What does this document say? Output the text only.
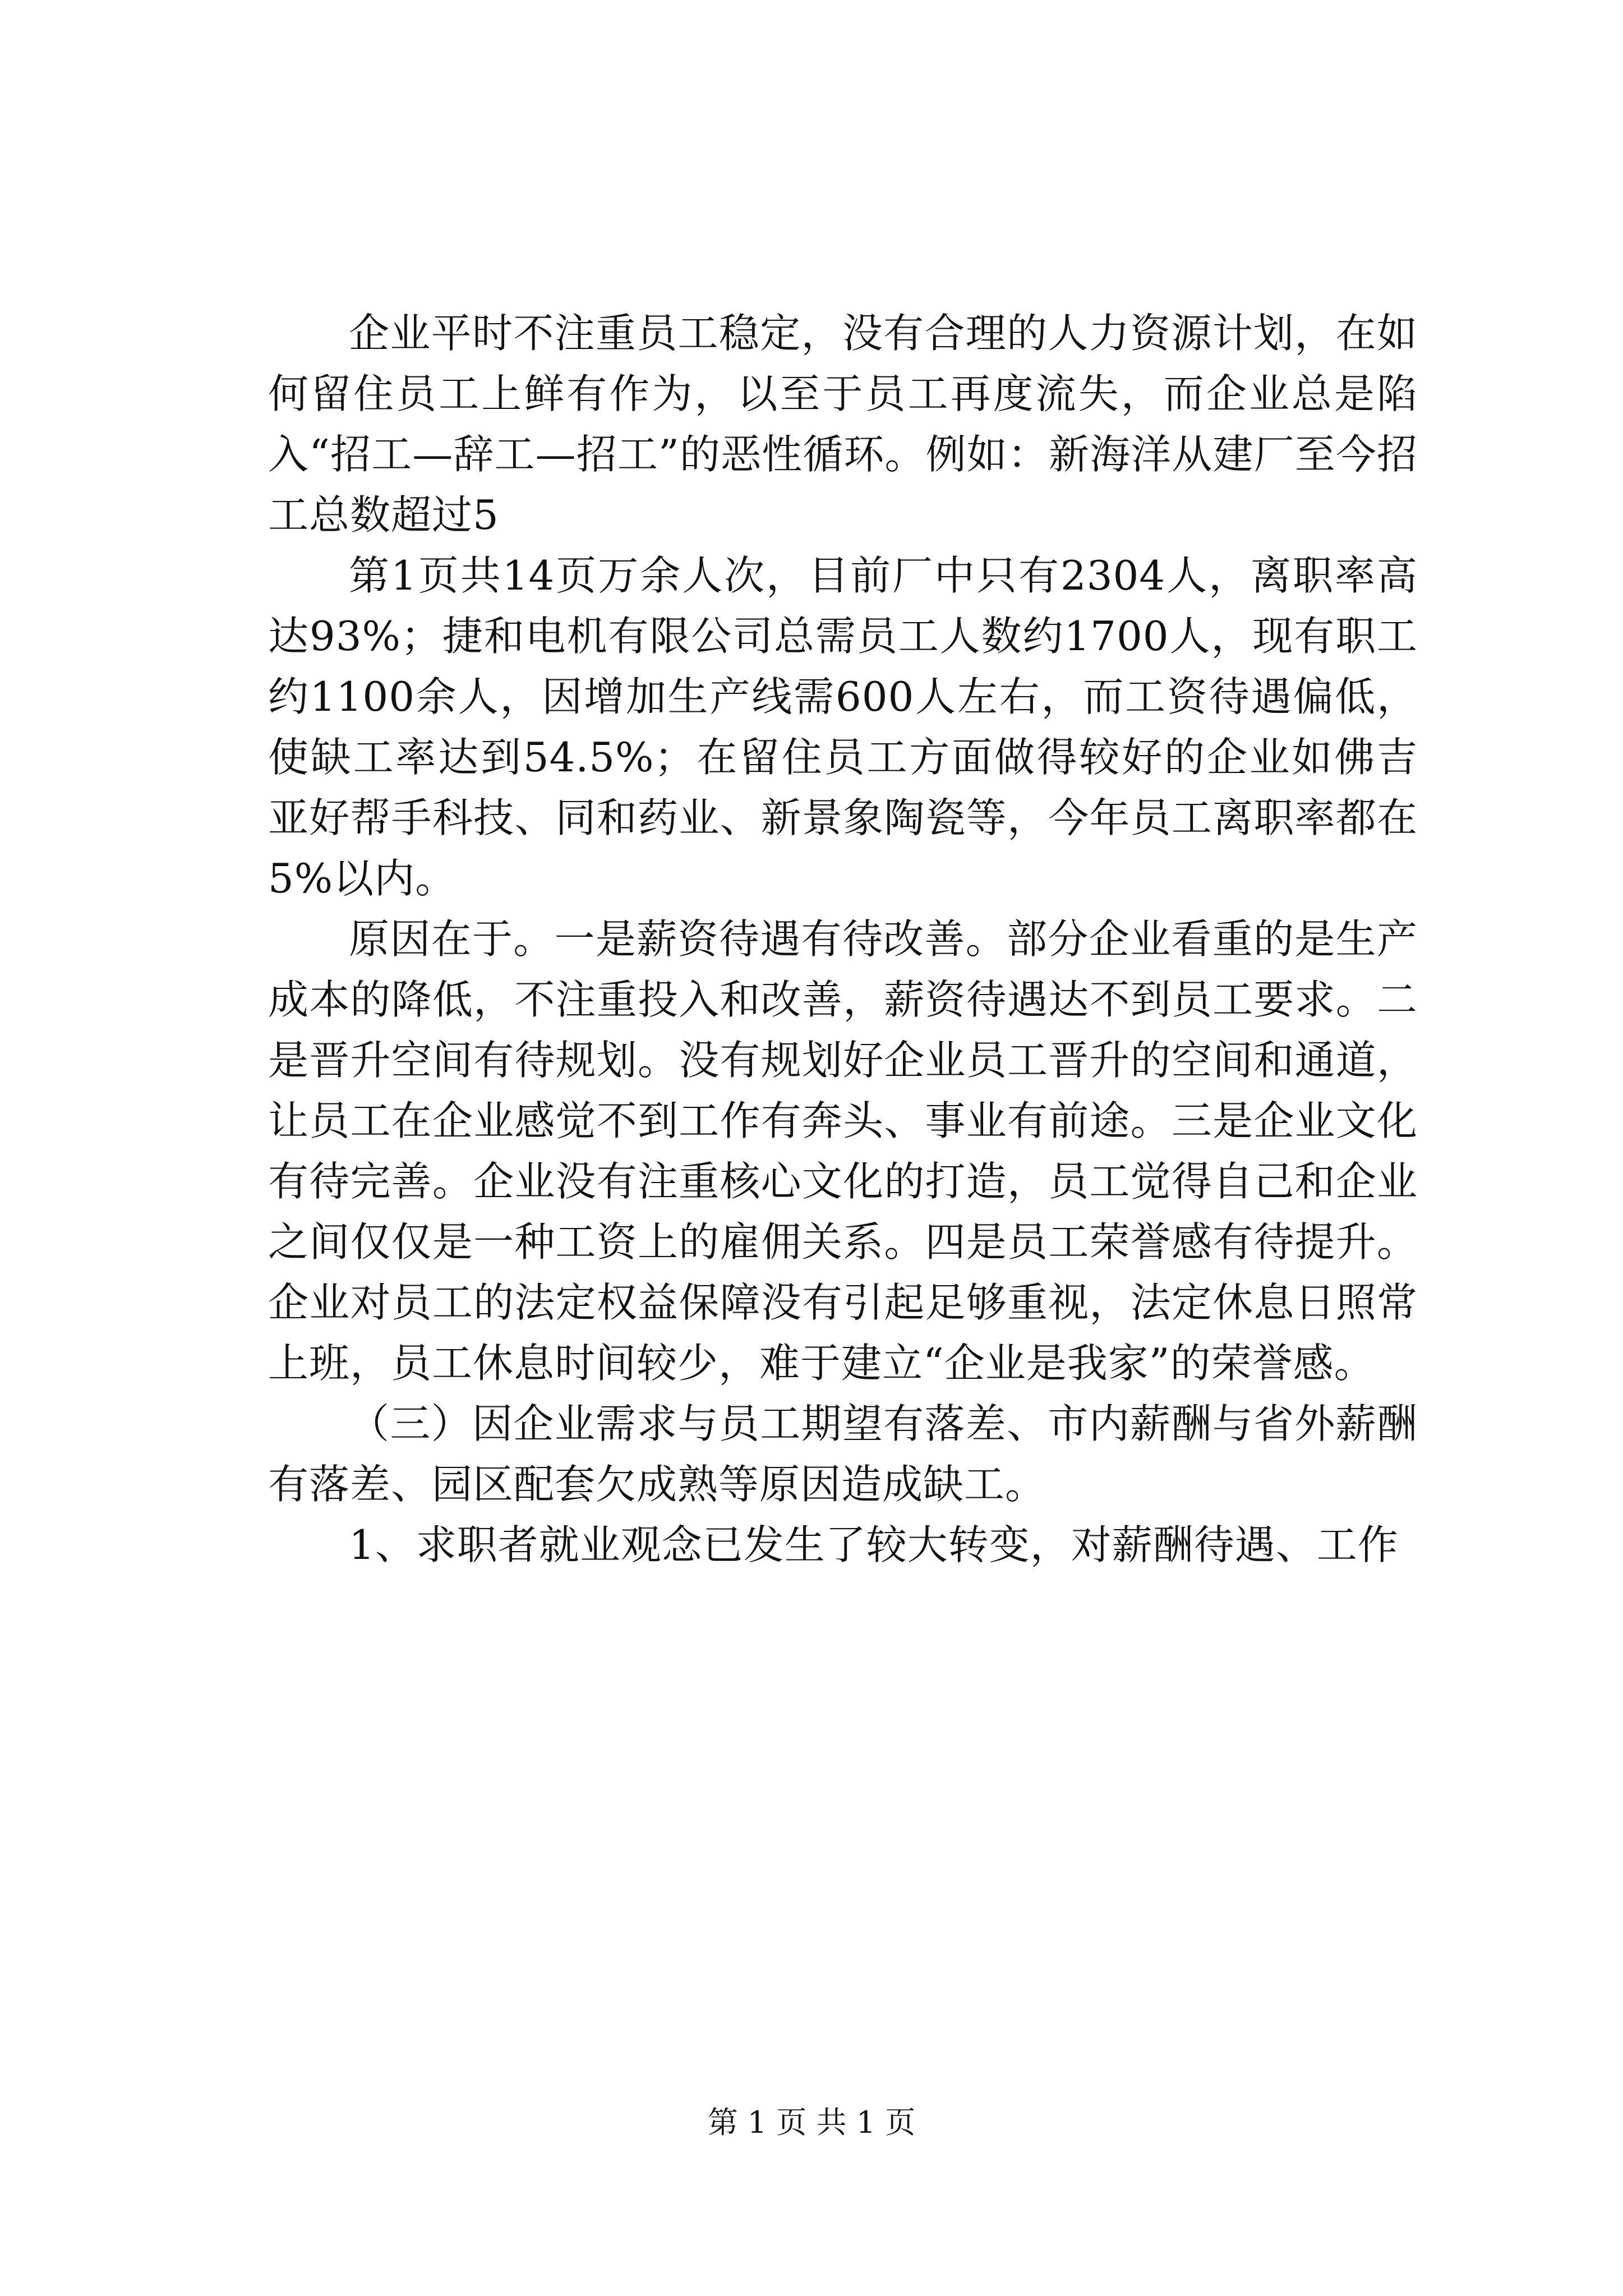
企业平时不注重员工稳定，没有合理的人力资源计划，在如何留住员工上鲜有作为，以至于员工再度流失，而企业总是陷入“招工—辞工—招工”的恶性循环。例如：新海洋从建厂至今招工总数超过5

第1页共14页万余人次，目前厂中只有2304人，离职率高达93%；捷和电机有限公司总需员工人数约1700人，现有职工约1100余人，因增加生产线需600人左右，而工资待遇偏低，使缺工率达到54.5%；在留住员工方面做得较好的企业如佛吉亚好帮手科技、同和药业、新景象陶瓷等，今年员工离职率都在5%以内。

原因在于。一是薪资待遇有待改善。部分企业看重的是生产成本的降低，不注重投入和改善，薪资待遇达不到员工要求。二是晋升空间有待规划。没有规划好企业员工晋升的空间和通道，让员工在企业感觉不到工作有奔头、事业有前途。三是企业文化有待完善。企业没有注重核心文化的打造，员工觉得自己和企业之间仅仅是一种工资上的雇佣关系。四是员工荣誉感有待提升。企业对员工的法定权益保障没有引起足够重视，法定休息日照常上班，员工休息时间较少，难于建立“企业是我家”的荣誉感。

（三）因企业需求与员工期望有落差、市内薪酬与省外薪酬有落差、园区配套欠成熟等原因造成缺工。

1、求职者就业观念已发生了较大转变，对薪酬待遇、工作

第 1 页 共 1 页
